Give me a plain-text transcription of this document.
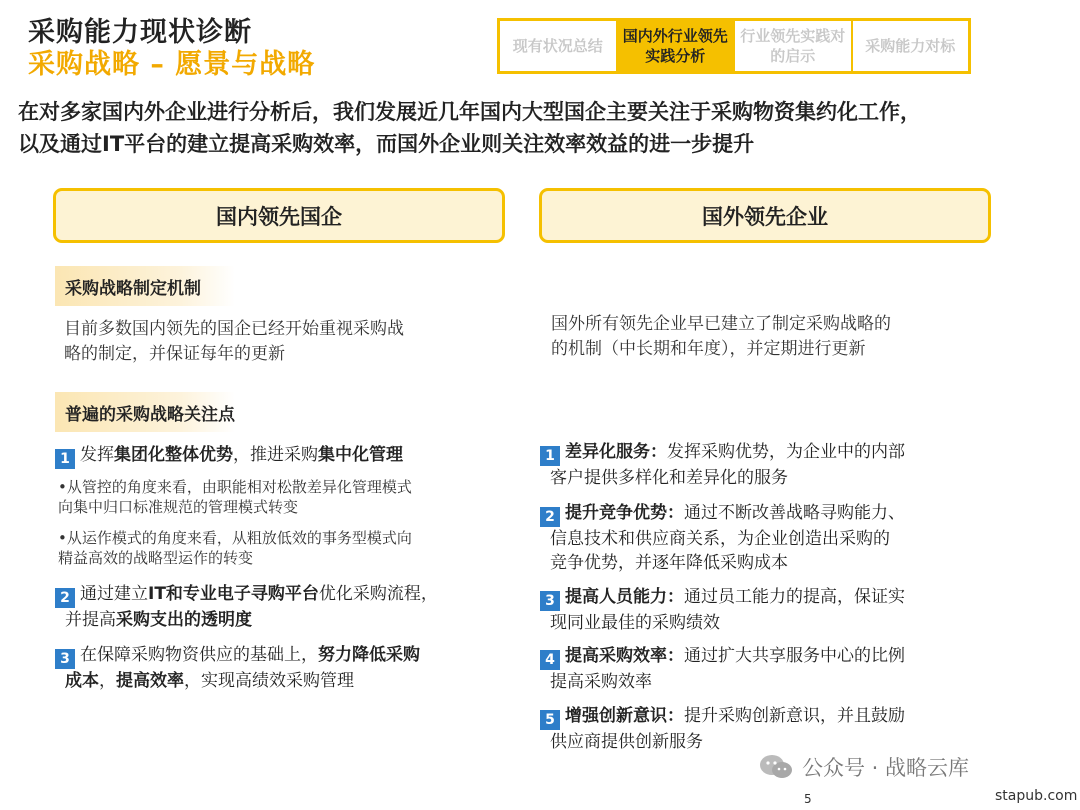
采购能力现状诊断
采购战略 – 愿景与战略
现有状况总结
国内外行业领先实践分析
行业领先实践对的启示
采购能力对标
在对多家国内外企业进行分析后，我们发展近几年国内大型国企主要关注于采购物资集约化工作，
以及通过IT平台的建立提高采购效率，而国外企业则关注效率效益的进一步提升
国内领先国企	国外领先企业
采购战略制定机制
目前多数国内领先的国企已经开始重视采购战
略的制定，并保证每年的更新
普遍的采购战略关注点
1 发挥集团化整体优势，推进采购集中化管理
•从管控的角度来看，由职能相对松散差异化管理模式
向集中归口标准规范的管理模式转变
•从运作模式的角度来看，从粗放低效的事务型模式向
精益高效的战略型运作的转变
2 通过建立IT和专业电子寻购平台优化采购流程，
并提高采购支出的透明度
3 在保障采购物资供应的基础上，努力降低采购
成本，提高效率，实现高绩效采购管理
国外所有领先企业早已建立了制定采购战略的
的机制（中长期和年度），并定期进行更新
1 差异化服务：发挥采购优势，为企业中的内部
客户提供多样化和差异化的服务
2 提升竞争优势：通过不断改善战略寻购能力、
信息技术和供应商关系，为企业创造出采购的
竞争优势，并逐年降低采购成本
3 提高人员能力：通过员工能力的提高，保证实
现同业最佳的采购绩效
4 提高采购效率：通过扩大共享服务中心的比例
提高采购效率
5 增强创新意识：提升采购创新意识，并且鼓励
供应商提供创新服务
公众号 · 战略云库
5	stapub.com
